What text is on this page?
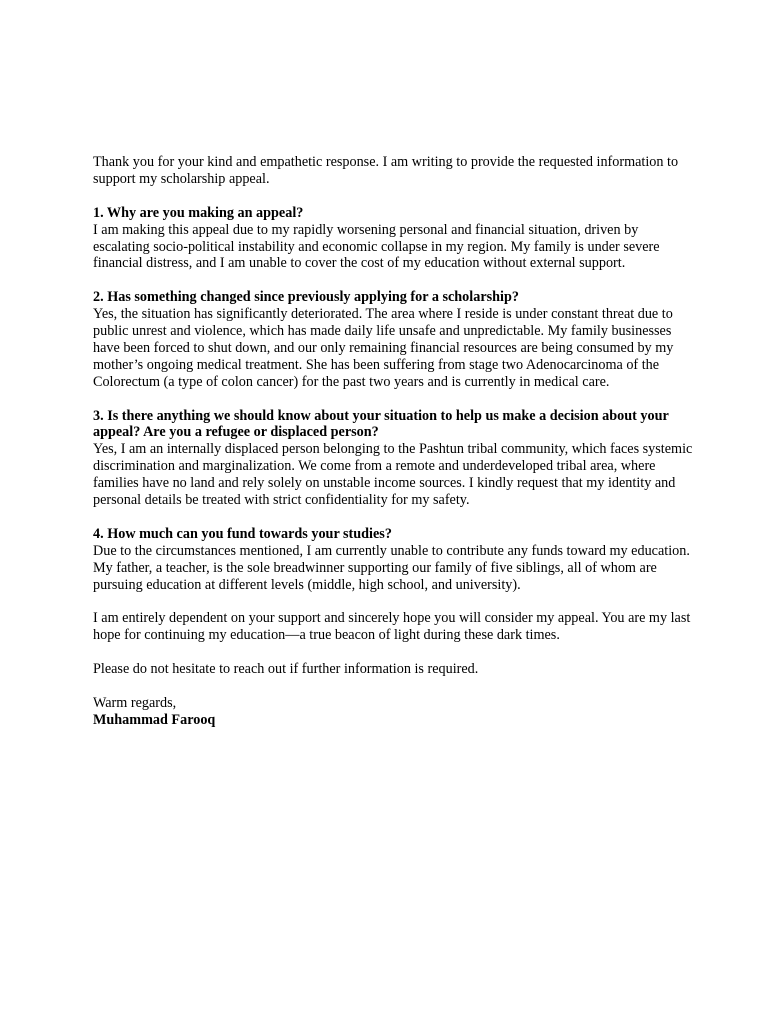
Thank you for your kind and empathetic response. I am writing to provide the requested information to support my scholarship appeal.

1. Why are you making an appeal?

I am making this appeal due to my rapidly worsening personal and financial situation, driven by escalating socio-political instability and economic collapse in my region. My family is under severe financial distress, and I am unable to cover the cost of my education without external support.

2. Has something changed since previously applying for a scholarship?

Yes, the situation has significantly deteriorated. The area where I reside is under constant threat due to public unrest and violence, which has made daily life unsafe and unpredictable. My family businesses have been forced to shut down, and our only remaining financial resources are being consumed by my mother’s ongoing medical treatment. She has been suffering from stage two Adenocarcinoma of the Colorectum (a type of colon cancer) for the past two years and is currently in medical care.

3. Is there anything we should know about your situation to help us make a decision about your appeal? Are you a refugee or displaced person?

Yes, I am an internally displaced person belonging to the Pashtun tribal community, which faces systemic discrimination and marginalization. We come from a remote and underdeveloped tribal area, where families have no land and rely solely on unstable income sources. I kindly request that my identity and personal details be treated with strict confidentiality for my safety.

4. How much can you fund towards your studies?

Due to the circumstances mentioned, I am currently unable to contribute any funds toward my education. My father, a teacher, is the sole breadwinner supporting our family of five siblings, all of whom are pursuing education at different levels (middle, high school, and university).

I am entirely dependent on your support and sincerely hope you will consider my appeal. You are my last hope for continuing my education—a true beacon of light during these dark times.

Please do not hesitate to reach out if further information is required.

Warm regards,

Muhammad Farooq
